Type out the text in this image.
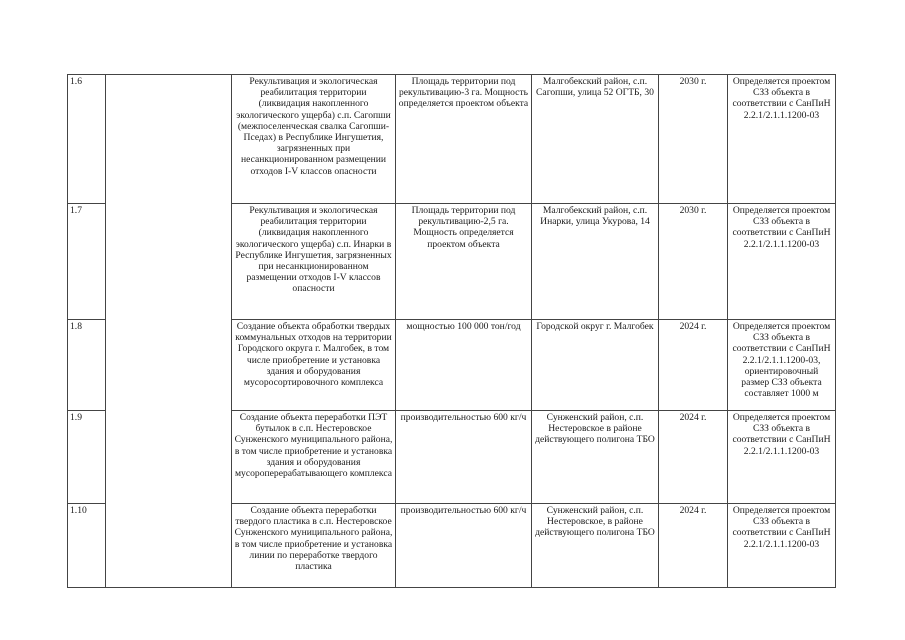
1.6		Рекультивация и экологическая реабилитация территории (ликвидация накопленного экологического ущерба) с.п. Сагопши (межпоселенческая свалка Сагопши-Пседах) в Республике Ингушетия, загрязненных при несанкционированном размещении отходов I-V классов опасности	Площадь территории под рекультивацию-3 га. Мощность определяется проектом объекта	Малгобекский район, с.п. Сагопши, улица 52 ОГТБ, 30	2030 г.	Определяется проектом СЗЗ объекта в соответствии с СанПиН 2.2.1/2.1.1.1200-03
1.7		Рекультивация и экологическая реабилитация территории (ликвидация накопленного экологического ущерба) с.п. Инарки в Республике Ингушетия, загрязненных при несанкционированном размещении отходов I-V классов опасности	Площадь территории под рекультивацию-2,5 га. Мощность определяется проектом объекта	Малгобекский район, с.п. Инарки, улица Укурова, 14	2030 г.	Определяется проектом СЗЗ объекта в соответствии с СанПиН 2.2.1/2.1.1.1200-03
1.8		Создание объекта обработки твердых коммунальных отходов на территории Городского округа г. Малгобек, в том числе приобретение и установка здания и оборудования мусоросортировочного комплекса	мощностью 100 000 тон/год	Городской округ г. Малгобек	2024 г.	Определяется проектом СЗЗ объекта в соответствии с СанПиН 2.2.1/2.1.1.1200-03, ориентировочный размер СЗЗ объекта составляет 1000 м
1.9		Создание объекта переработки ПЭТ бутылок в с.п. Нестеровское Сунженского муниципального района, в том числе приобретение и установка здания и оборудования мусороперерабатывающего комплекса	производительностью 600 кг/ч	Сунженский район, с.п. Нестеровское в районе действующего полигона ТБО	2024 г.	Определяется проектом СЗЗ объекта в соответствии с СанПиН 2.2.1/2.1.1.1200-03
1.10		Создание объекта переработки твердого пластика в с.п. Нестеровское Сунженского муниципального района, в том числе приобретение и установка линии по переработке твердого пластика	производительностью 600 кг/ч	Сунженский район, с.п. Нестеровское, в районе действующего полигона ТБО	2024 г.	Определяется проектом СЗЗ объекта в соответствии с СанПиН 2.2.1/2.1.1.1200-03
